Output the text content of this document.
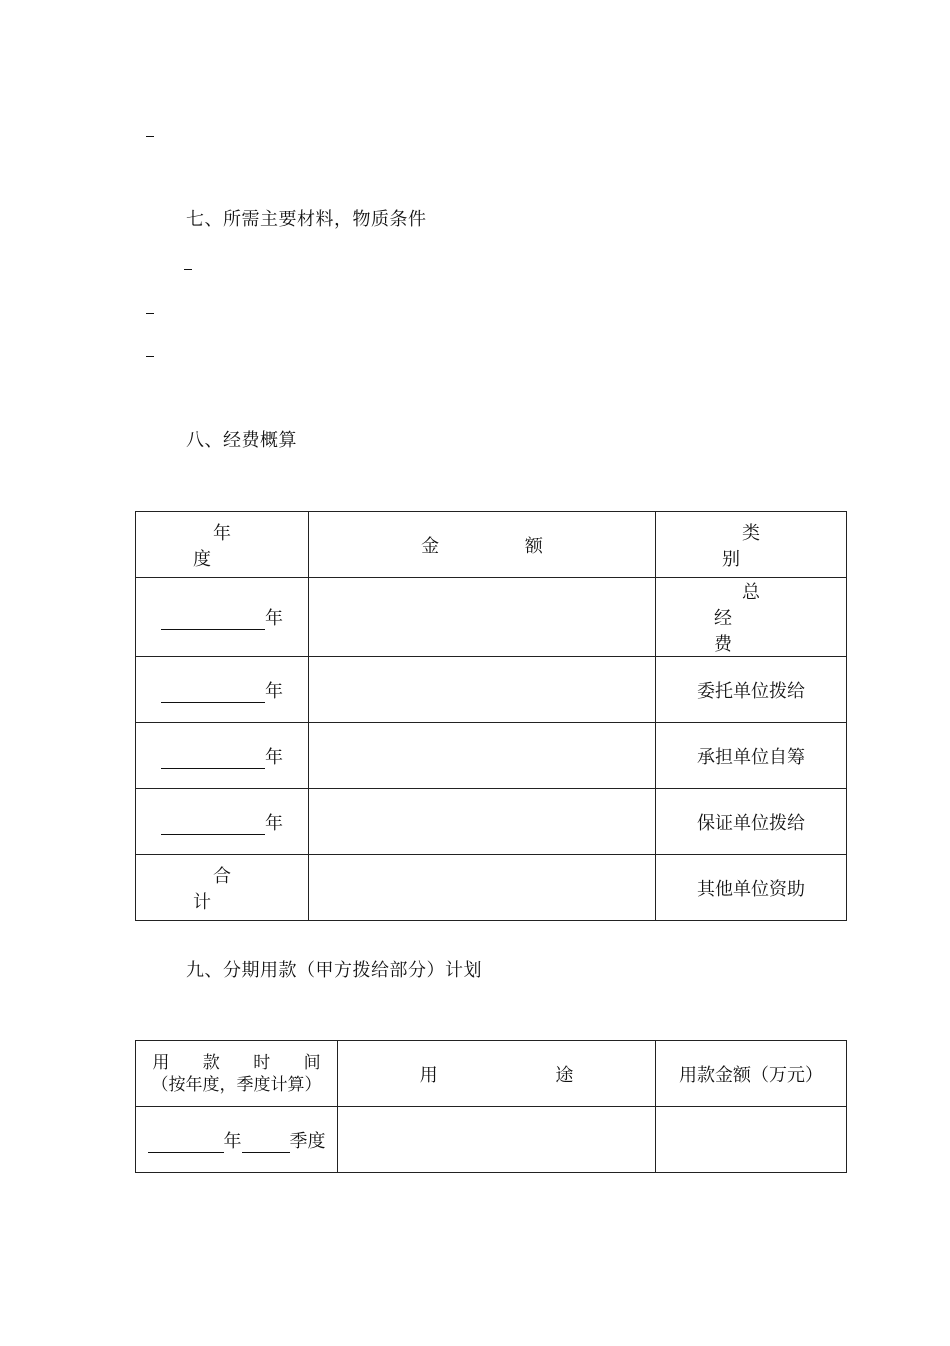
七、所需主要材料，物质条件
八、经费概算
年 度	金 额	类 别
年		总 经 费
年		委托单位拨给
年		承担单位自筹
年		保证单位拨给
合 计		其他单位资助
九、分期用款（甲方拨给部分）计划
用 款 时 间
（按年度，季度计算）	用 途	用款金额（万元）
年 季度		
